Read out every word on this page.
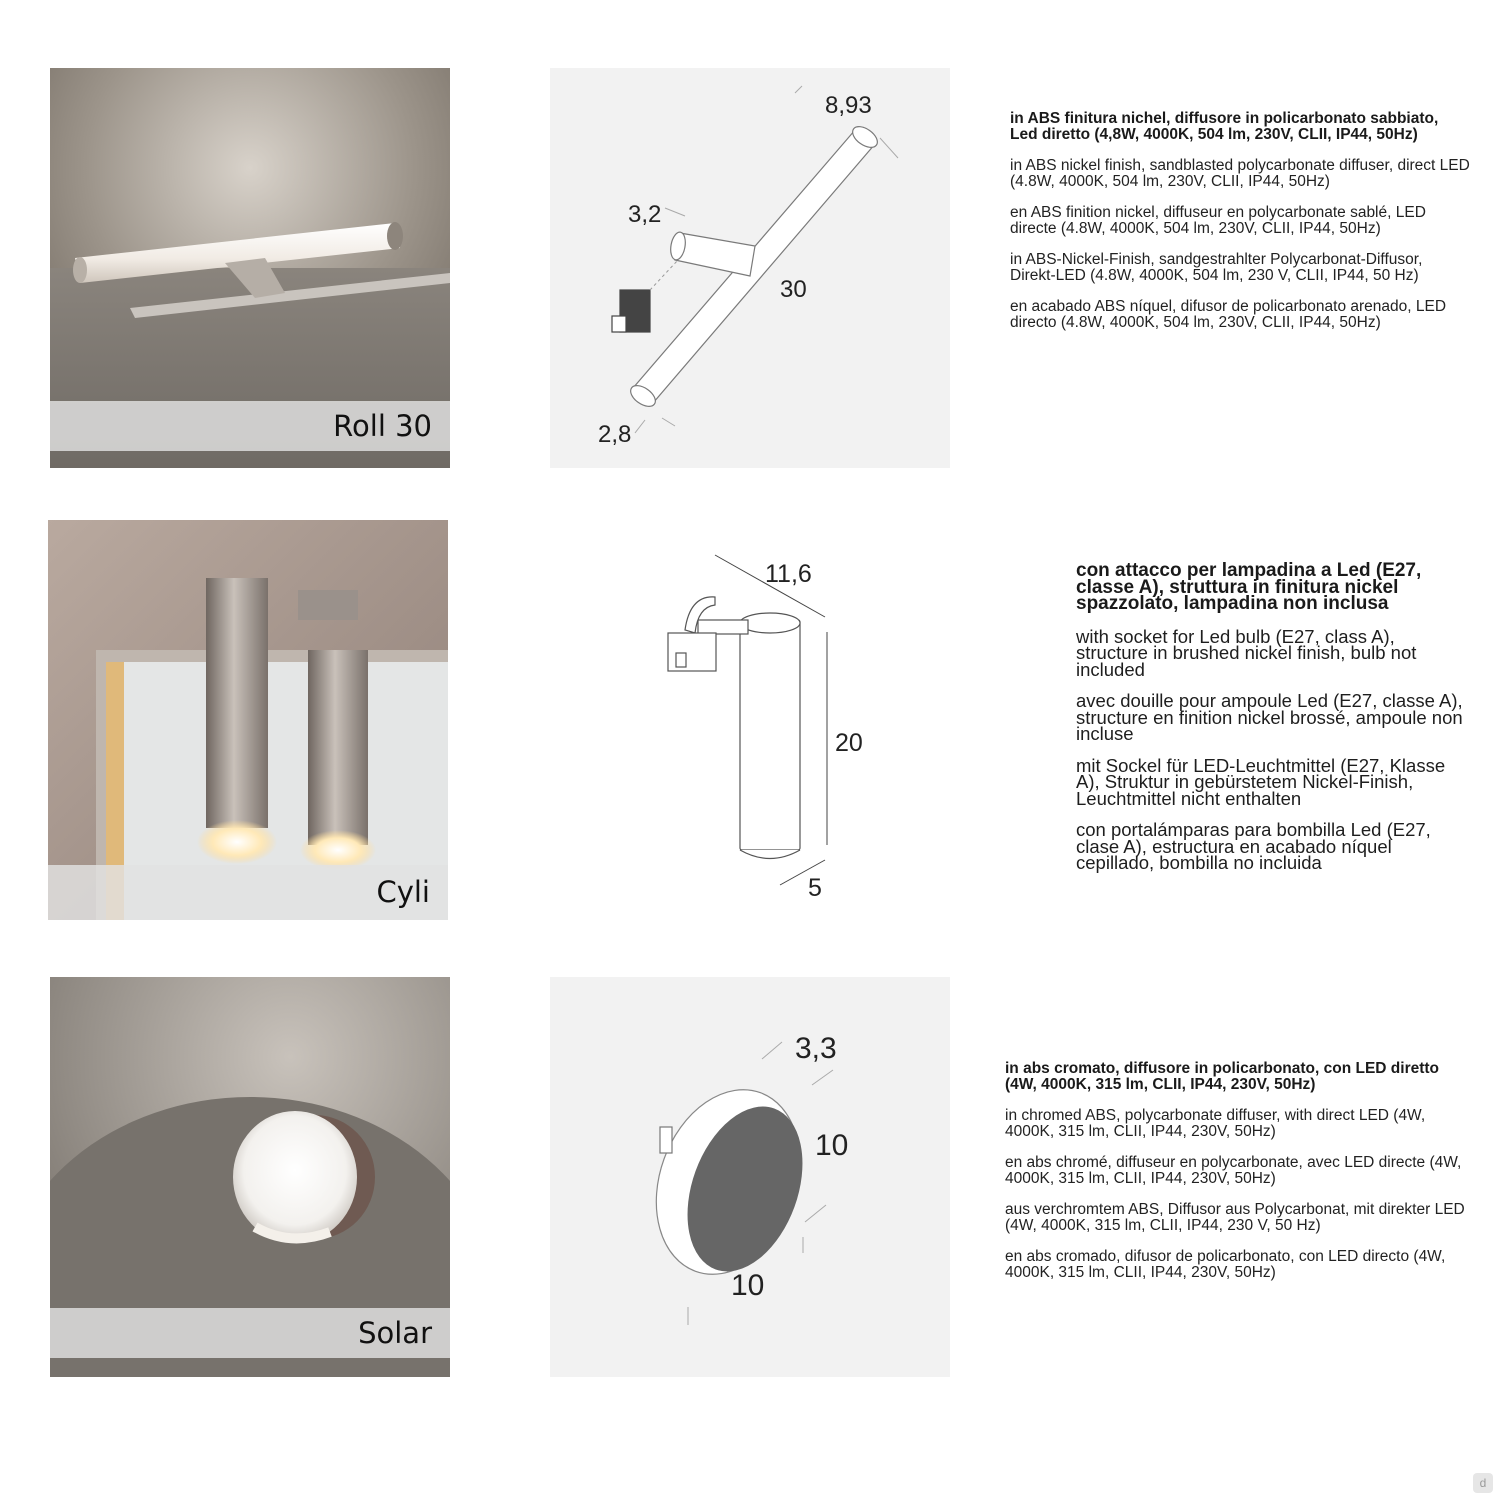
Roll 30
8,93
3,2
30
2,8

in ABS finitura nichel, diffusore in policarbonato sabbiato, Led diretto (4,8W, 4000K, 504 lm, 230V, CLII, IP44, 50Hz)

in ABS nickel finish, sandblasted polycarbonate diffuser, direct LED (4.8W, 4000K, 504 lm, 230V, CLII, IP44, 50Hz)

en ABS finition nickel, diffuseur en polycarbonate sablé, LED directe (4.8W, 4000K, 504 lm, 230V, CLII, IP44, 50Hz)

in ABS-Nickel-Finish, sandgestrahlter Polycarbonat-Diffusor, Direkt-LED (4.8W, 4000K, 504 lm, 230 V, CLII, IP44, 50 Hz)

en acabado ABS níquel, difusor de policarbonato arenado, LED directo (4.8W, 4000K, 504 lm, 230V, CLII, IP44, 50Hz)

Cyli
11,6
20
5

con attacco per lampadina a Led (E27, classe A), struttura in finitura nickel spazzolato, lampadina non inclusa

with socket for Led bulb (E27, class A), structure in brushed nickel finish, bulb not included

avec douille pour ampoule Led (E27, classe A), structure en finition nickel brossé, ampoule non incluse

mit Sockel für LED-Leuchtmittel (E27, Klasse A), Struktur in gebürstetem Nickel-Finish, Leuchtmittel nicht enthalten

con portalámparas para bombilla Led (E27, clase A), estructura en acabado níquel cepillado, bombilla no incluida

Solar
3,3
10
10

in abs cromato, diffusore in policarbonato, con LED diretto (4W, 4000K, 315 lm, CLII, IP44, 230V, 50Hz)

in chromed ABS, polycarbonate diffuser, with direct LED (4W, 4000K, 315 lm, CLII, IP44, 230V, 50Hz)

en abs chromé, diffuseur en polycarbonate, avec LED directe (4W, 4000K, 315 lm, CLII, IP44, 230V, 50Hz)

aus verchromtem ABS, Diffusor aus Polycarbonat, mit direkter LED (4W, 4000K, 315 lm, CLII, IP44, 230 V, 50 Hz)

en abs cromado, difusor de policarbonato, con LED directo (4W, 4000K, 315 lm, CLII, IP44, 230V, 50Hz)

d
